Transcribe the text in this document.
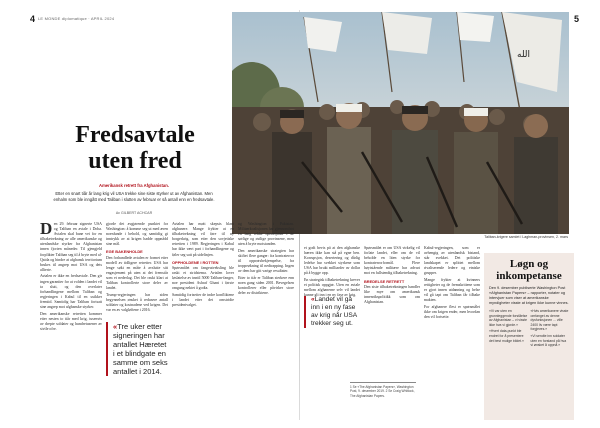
4	5
LE MONDE diplomatique · APRIL 2024
ا‌لله
Taliban-krigere samlet i Laghman-provinsen, 2. mars
Fredsavtale
uten fred
Amerikansk retrett fra Afghanistan.
Etter en snart tiår år lang krig vil USA trekke sine siste styrker ut av Afghanistan. Men enhalm som ble inngått med Taliban i slutten av februar er så antall enn en fredsavtale.
Av GILBERT ACHCAR

Den 29. februar signerte USA og Taliban en avtale i Doha. Avtalen skal bane vei for en tilbaketrekning av alle amerikanske og utenlandske styrker fra Afghanistan innen fjorten måneder. Til gjengjeld forplikter Taliban seg til å bryte med al-Qaida og hindre at afghansk territorium brukes til angrep mot USA og dets allierte.

Avtalen er ikke en fredsavtale. Den gir ingen garantier for at volden i landet vil ta slutt, og den overlater forhandlingene mellom Taliban og regjeringen i Kabul til en usikker fremtid. Samtidig har Taliban fortsatt sine angrep mot afghanske styrker.

Den amerikanske retretten kommer etter nesten to tiår med krig, tusenvis av drepte soldater og hundretusener av sivile ofre.

gjorde det avgjørende punktet for Washington: å komme seg ut med æren noenlunde i behold, og samtidig gi inntrykk av at krigen hadde oppnådd sine mål.

EGE BAKENHOLDE

Den forhandlede avtalen er formet etter modell av tidligere retretter. USA har lenge søkt en måte å avslutte sitt engasjement på uten at det fremstår som et nederlag. Det ble raskt klart at Taliban kontrollerte store deler av landet.

Trump-regjeringen har siden begynnelsen ønsket å redusere antall soldater og kostnadene ved krigen. Det var en av valgløftene i 2016.

«Tre uker etter signeringen har antallet Hæretet i et blindgate en samme om seks antallet i 2014.

Avtalen har møtt skepsis blant afghanere. Mange frykter at en tilbaketrekning vil føre til ny borgerkrig, som etter den sovjetiske retretten i 1989. Regjeringen i Kabul har ikke vært part i forhandlingene og føler seg satt på sidelinjen.

OPPHOLDENE I ROTTEN

Spørsmålet om fangeutveksling ble raskt et stridstema. Avtalen lover løslatelse av inntil 5000 Taliban-fanger, noe president Ashraf Ghani i første omgang nektet å godta.

Samtidig fortsetter de indre konfliktene i landet etter det omstridte presidentvalget.

og Washington i Pakistan. Militærkoalisjonen har gjennomført en lang rekke operasjoner i de sørlige og østlige provinsene, men uten å bryte motstanden.

Den amerikanske strategien har skiftet flere ganger: fra kontraterror til opprørsbekjempelse, fra troppeøkning til nedtrapping. Ingen av dem har gitt varige resultater.

Etter to tiår er Taliban sterkere enn noen gang siden 2001. Bevegelsen kontrollerer eller påvirker store deler av distriktene.

et godt bevis på at den afghanske hæren ikke kan stå på egne ben. Korrupsjon, desertering og dårlig ledelse har svekket styrkene som USA har brukt milliarder av dollar på å bygge opp.

En strategisk tilbaketrekning krever et politisk oppgjør. Uten en avtale mellom afghanerne selv vil landet kunne gli inn i en ny fase av krig.

«Landet vil gå inn i en ny fase av krig når USA trekker seg ut.

Spørsmålet er om USA virkelig vil forlate landet, eller om de vil beholde en liten styrke for kontraterrorformål. Flere høytstående militære har advart mot en fullstendig tilbaketrekning.

BREDELSE RETRETT

Den siste tilbaketrekningen handler like mye om amerikansk innenrikspolitikk som om Afghanistan.

1 Se «The Afghanistan Papers», Washington Post, 9. desember 2019. 2 Se Craig Whitlock, The Afghanistan Papers.

Kabul-regjeringen, som er avhengig av utenlandsk bistand, står svekket. Det politiske landskapet er splittet mellom rivaliserende ledere og etniske grupper.

Mange frykter at kvinners rettigheter og de fremskrittene som er gjort innen utdanning og helse vil gå tapt om Taliban får tilbake makten.

For afghanere flest er spørsmålet ikke om krigen ender, men hvordan den vil fortsette.

Løgn og inkompetanse
Den 9. desember publiserte Washington Post «Afghanistan Papers» – rapporter, notater og intervjuer som viser at amerikanske myndigheter visste at krigen ikke kunne vinnes.

«Vi var uten en grunnleggende forståelse av Afghanistan – vi visste ikke hva vi gjorde.»

«Hvert data-punkt ble endret for å presentere det best mulige bildet.»

«Hvis amerikanere visste omfanget av denne dysfunksjonen ... ville 2400 liv være tapt forgjeves.»

«Vi sendte inn soldater uten en forstand på hva vi ønsket å oppnå.»
